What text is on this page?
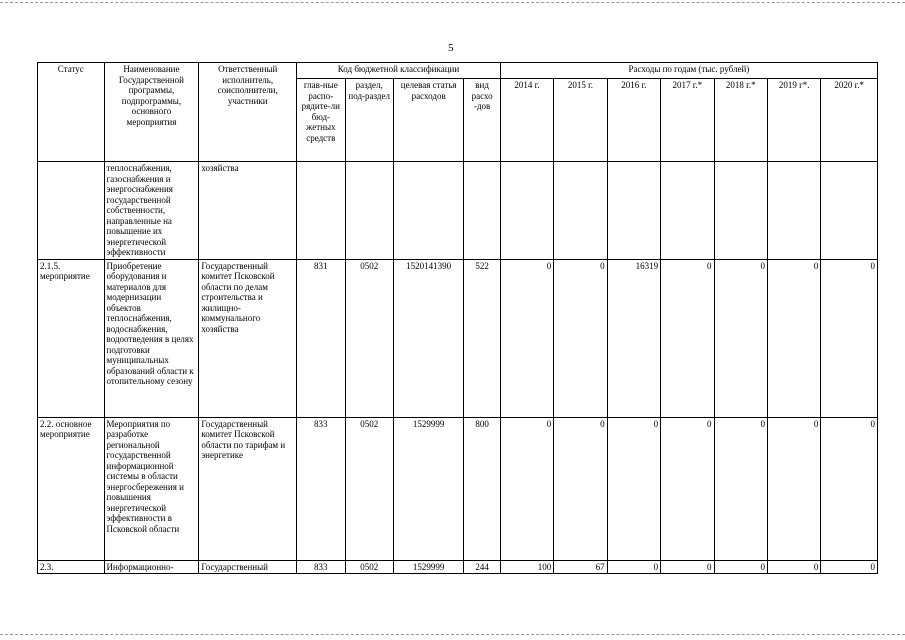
5
Статус	Наименование Государственной программы, подпрограммы, основного мероприятия	Ответственный исполнитель, соисполнители, участники	Код бюджетной классификации				Расходы по годам (тыс. рублей)						
			глав-ные распо-рядите-ли бюд-жетных средств	раздел, под-раздел	целевая статья расходов	вид расхо -дов	2014 г.	2015 г.	2016 г.	2017 г.*	2018 г.*	2019 г*.	2020 г.*
	теплоснабжения, газоснабжения и энергоснабжения государственной собственности, направленные на повышение их энергетической эффективности	хозяйства											
2.1.5. мероприятие	Приобретение оборудования и материалов для модернизации объектов теплоснабжения, водоснабжения, водоотведения в целях подготовки муниципальных образований области к отопительному сезону	Государственный комитет Псковской области по делам строительства и жилищно-коммунального хозяйства	831	0502	1520141390	522	0	0	16319	0	0	0	0
2.2. основное мероприятие	Мероприятия по разработке региональной государственной информационной системы в области энергосбережения и повышения энергетической эффективности в Псковской области	Государственный комитет Псковской области по тарифам и энергетике	833	0502	1529999	800	0	0	0	0	0	0	0
2.3.	Информационно-	Государственный	833	0502	1529999	244	100	67	0	0	0	0	0
